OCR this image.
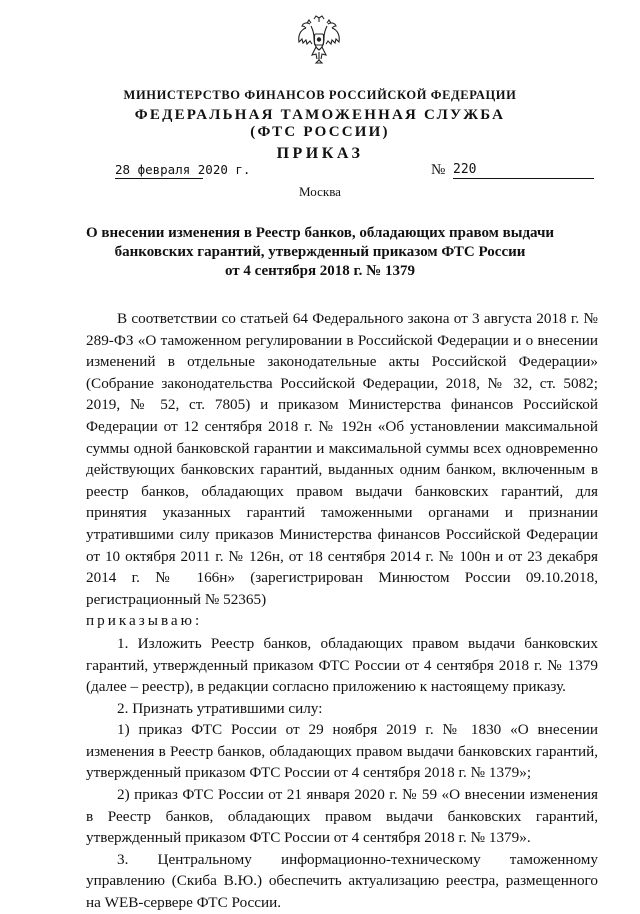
МИНИСТЕРСТВО ФИНАНСОВ РОССИЙСКОЙ ФЕДЕРАЦИИ
ФЕДЕРАЛЬНАЯ ТАМОЖЕННАЯ СЛУЖБА
(ФТС РОССИИ)
ПРИКАЗ
28 февраля 2020 г.	№ 220
Москва
О внесении изменения в Реестр банков, обладающих правом выдачи
банковских гарантий, утвержденный приказом ФТС России
от 4 сентября 2018 г. № 1379

В соответствии со статьей 64 Федерального закона от 3 августа 2018 г. № 289-ФЗ «О таможенном регулировании в Российской Федерации и о внесении изменений в отдельные законодательные акты Российской Федерации» (Собрание законодательства Российской Федерации, 2018, № 32, ст. 5082; 2019, № 52, ст. 7805) и приказом Министерства финансов Российской Федерации от 12 сентября 2018 г. № 192н «Об установлении максимальной суммы одной банковской гарантии и максимальной суммы всех одновременно действующих банковских гарантий, выданных одним банком, включенным в реестр банков, обладающих правом выдачи банковских гарантий, для принятия указанных гарантий таможенными органами и признании утратившими силу приказов Министерства финансов Российской Федерации от 10 октября 2011 г. № 126н, от 18 сентября 2014 г. № 100н и от 23 декабря 2014 г. № 166н» (зарегистрирован Минюстом России 09.10.2018, регистрационный № 52365)

приказываю:

1. Изложить Реестр банков, обладающих правом выдачи банковских гарантий, утвержденный приказом ФТС России от 4 сентября 2018 г. № 1379 (далее – реестр), в редакции согласно приложению к настоящему приказу.

2. Признать утратившими силу:

1) приказ ФТС России от 29 ноября 2019 г. № 1830 «О внесении изменения в Реестр банков, обладающих правом выдачи банковских гарантий, утвержденный приказом ФТС России от 4 сентября 2018 г. № 1379»;

2) приказ ФТС России от 21 января 2020 г. № 59 «О внесении изменения в Реестр банков, обладающих правом выдачи банковских гарантий, утвержденный приказом ФТС России от 4 сентября 2018 г. № 1379».

3. Центральному информационно-техническому таможенному управлению (Скиба В.Ю.) обеспечить актуализацию реестра, размещенного на WEB-сервере ФТС России.
